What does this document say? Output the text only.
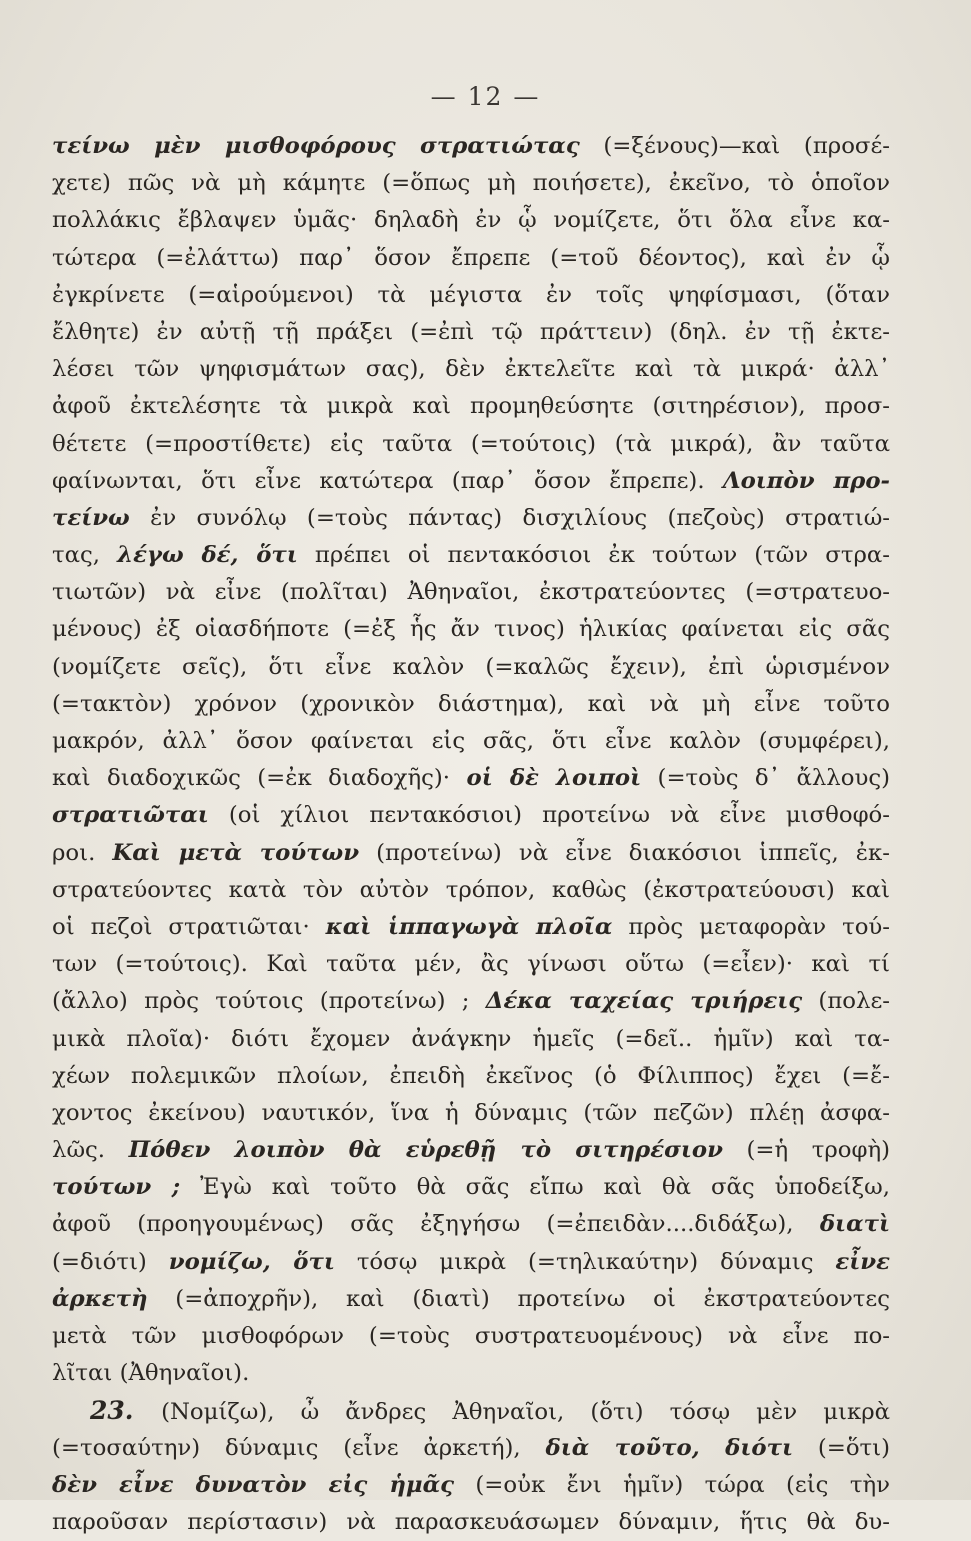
— 12 —
τείνω μὲν μισθοφόρους στρατιώτας (=ξένους)—καὶ (προσέ-
χετε) πῶς νὰ μὴ κάμητε (=ὅπως μὴ ποιήσετε), ἐκεῖνο, τὸ ὁποῖον
πολλάκις ἔβλαψεν ὑμᾶς· δηλαδὴ ἐν ᾧ νομίζετε, ὅτι ὅλα εἶνε κα-
τώτερα (=ἐλάττω) παρ᾽ ὅσον ἔπρεπε (=τοῦ δέοντος), καὶ ἐν ᾧ
ἐγκρίνετε (=αἱρούμενοι) τὰ μέγιστα ἐν τοῖς ψηφίσμασι, (ὅταν
ἔλθητε) ἐν αὐτῇ τῇ πράξει (=ἐπὶ τῷ πράττειν) (δηλ. ἐν τῇ ἐκτε-
λέσει τῶν ψηφισμάτων σας), δὲν ἐκτελεῖτε καὶ τὰ μικρά· ἀλλ᾽
ἀφοῦ ἐκτελέσητε τὰ μικρὰ καὶ προμηθεύσητε (σιτηρέσιον), προσ-
θέτετε (=προστίθετε) εἰς ταῦτα (=τούτοις) (τὰ μικρά), ἂν ταῦτα
φαίνωνται, ὅτι εἶνε κατώτερα (παρ᾽ ὅσον ἔπρεπε). Λοιπὸν προ-
τείνω ἐν συνόλῳ (=τοὺς πάντας) δισχιλίους (πεζοὺς) στρατιώ-
τας, λέγω δέ, ὅτι πρέπει οἱ πεντακόσιοι ἐκ τούτων (τῶν στρα-
τιωτῶν) νὰ εἶνε (πολῖται) Ἀθηναῖοι, ἐκστρατεύοντες (=στρατευο-
μένους) ἐξ οἱασδήποτε (=ἐξ ἧς ἄν τινος) ἡλικίας φαίνεται εἰς σᾶς
(νομίζετε σεῖς), ὅτι εἶνε καλὸν (=καλῶς ἔχειν), ἐπὶ ὡρισμένον
(=τακτὸν) χρόνον (χρονικὸν διάστημα), καὶ νὰ μὴ εἶνε τοῦτο
μακρόν, ἀλλ᾽ ὅσον φαίνεται εἰς σᾶς, ὅτι εἶνε καλὸν (συμφέρει),
καὶ διαδοχικῶς (=ἐκ διαδοχῆς)· οἱ δὲ λοιποὶ (=τοὺς δ᾽ ἄλλους)
στρατιῶται (οἱ χίλιοι πεντακόσιοι) προτείνω νὰ εἶνε μισθοφό-
ροι. Καὶ μετὰ τούτων (προτείνω) νὰ εἶνε διακόσιοι ἱππεῖς, ἐκ-
στρατεύοντες κατὰ τὸν αὐτὸν τρόπον, καθὼς (ἐκστρατεύουσι) καὶ
οἱ πεζοὶ στρατιῶται· καὶ ἱππαγωγὰ πλοῖα πρὸς μεταφορὰν τού-
των (=τούτοις). Καὶ ταῦτα μέν, ἂς γίνωσι οὕτω (=εἶεν)· καὶ τί
(ἄλλο) πρὸς τούτοις (προτείνω) ; Δέκα ταχείας τριήρεις (πολε-
μικὰ πλοῖα)· διότι ἔχομεν ἀνάγκην ἡμεῖς (=δεῖ.. ἡμῖν) καὶ τα-
χέων πολεμικῶν πλοίων, ἐπειδὴ ἐκεῖνος (ὁ Φίλιππος) ἔχει (=ἔ-
χοντος ἐκείνου) ναυτικόν, ἵνα ἡ δύναμις (τῶν πεζῶν) πλέῃ ἀσφα-
λῶς. Πόθεν λοιπὸν θὰ εὑρεθῇ τὸ σιτηρέσιον (=ἡ τροφὴ)
τούτων ; Ἐγὼ καὶ τοῦτο θὰ σᾶς εἴπω καὶ θὰ σᾶς ὑποδείξω,
ἀφοῦ (προηγουμένως) σᾶς ἐξηγήσω (=ἐπειδὰν....διδάξω), διατὶ
(=διότι) νομίζω, ὅτι τόσῳ μικρὰ (=τηλικαύτην) δύναμις εἶνε
ἀρκετὴ (=ἀποχρῆν), καὶ (διατὶ) προτείνω οἱ ἐκστρατεύοντες
μετὰ τῶν μισθοφόρων (=τοὺς συστρατευομένους) νὰ εἶνε πο-
λῖται (Ἀθηναῖοι).
23. (Νομίζω), ὦ ἄνδρες Ἀθηναῖοι, (ὅτι) τόσῳ μὲν μικρὰ
(=τοσαύτην) δύναμις (εἶνε ἀρκετή), διὰ τοῦτο, διότι (=ὅτι)
δὲν εἶνε δυνατὸν εἰς ἡμᾶς (=οὐκ ἔνι ἡμῖν) τώρα (εἰς τὴν
παροῦσαν περίστασιν) νὰ παρασκευάσωμεν δύναμιν, ἥτις θὰ δυ-
